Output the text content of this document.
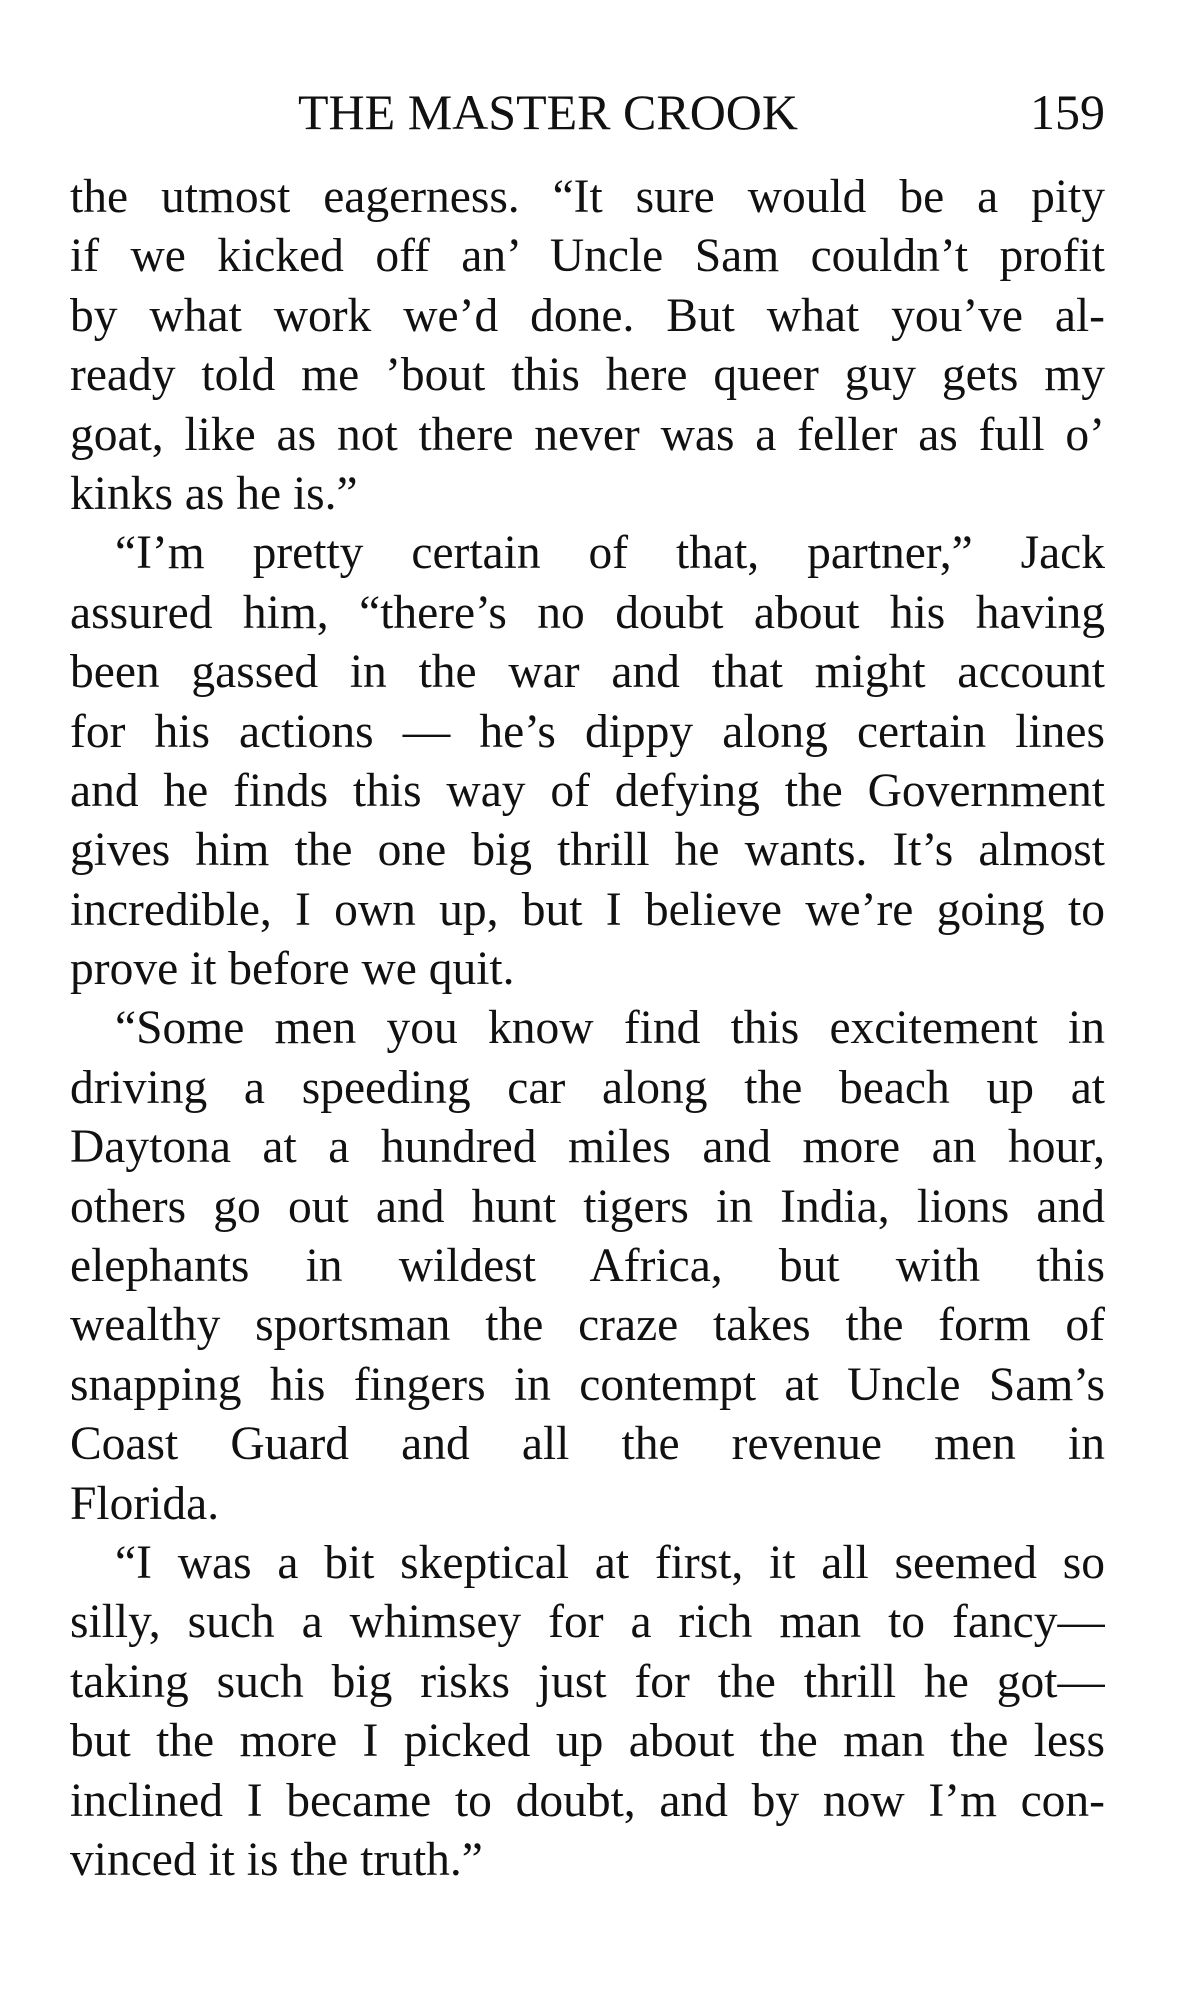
THE MASTER CROOK	159
the utmost eagerness. “It sure would be a pity
if we kicked off an’ Uncle Sam couldn’t profit
by what work we’d done. But what you’ve al-
ready told me ’bout this here queer guy gets my
goat, like as not there never was a feller as full o’
kinks as he is.”
“I’m pretty certain of that, partner,” Jack
assured him, “there’s no doubt about his having
been gassed in the war and that might account
for his actions — he’s dippy along certain lines
and he finds this way of defying the Government
gives him the one big thrill he wants. It’s almost
incredible, I own up, but I believe we’re going to
prove it before we quit.
“Some men you know find this excitement in
driving a speeding car along the beach up at
Daytona at a hundred miles and more an hour,
others go out and hunt tigers in India, lions and
elephants in wildest Africa, but with this
wealthy sportsman the craze takes the form of
snapping his fingers in contempt at Uncle Sam’s
Coast Guard and all the revenue men in
Florida.
“I was a bit skeptical at first, it all seemed so
silly, such a whimsey for a rich man to fancy—
taking such big risks just for the thrill he got—
but the more I picked up about the man the less
inclined I became to doubt, and by now I’m con-
vinced it is the truth.”
